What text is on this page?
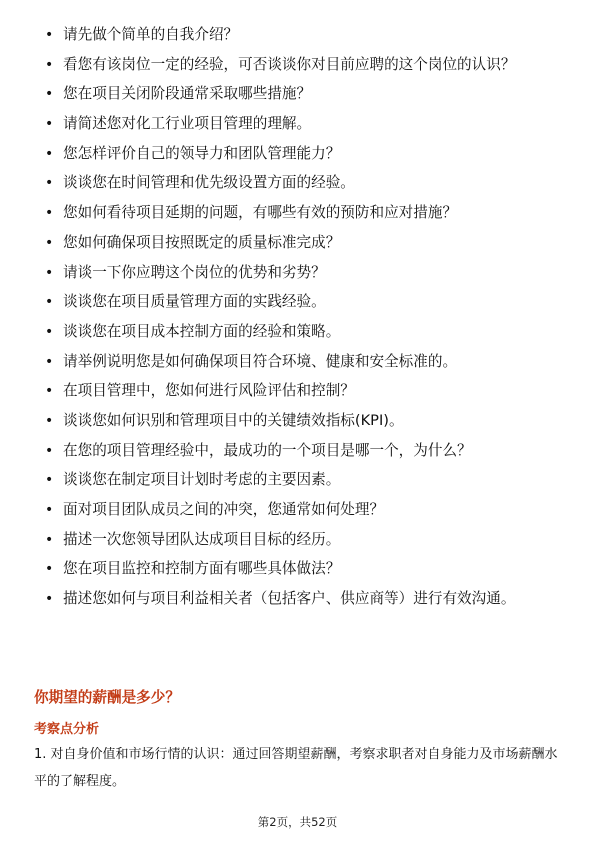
• 请先做个简单的自我介绍？
• 看您有该岗位一定的经验，可否谈谈你对目前应聘的这个岗位的认识？
• 您在项目关闭阶段通常采取哪些措施？
• 请简述您对化工行业项目管理的理解。
• 您怎样评价自己的领导力和团队管理能力？
• 谈谈您在时间管理和优先级设置方面的经验。
• 您如何看待项目延期的问题，有哪些有效的预防和应对措施？
• 您如何确保项目按照既定的质量标准完成？
• 请谈一下你应聘这个岗位的优势和劣势？
• 谈谈您在项目质量管理方面的实践经验。
• 谈谈您在项目成本控制方面的经验和策略。
• 请举例说明您是如何确保项目符合环境、健康和安全标准的。
• 在项目管理中，您如何进行风险评估和控制？
• 谈谈您如何识别和管理项目中的关键绩效指标(KPI)。
• 在您的项目管理经验中，最成功的一个项目是哪一个，为什么？
• 谈谈您在制定项目计划时考虑的主要因素。
• 面对项目团队成员之间的冲突，您通常如何处理？
• 描述一次您领导团队达成项目目标的经历。
• 您在项目监控和控制方面有哪些具体做法？
• 描述您如何与项目利益相关者（包括客户、供应商等）进行有效沟通。
你期望的薪酬是多少？
考察点分析
1. 对自身价值和市场行情的认识：通过回答期望薪酬，考察求职者对自身能力及市场薪酬水平的了解程度。
第2页，共52页
